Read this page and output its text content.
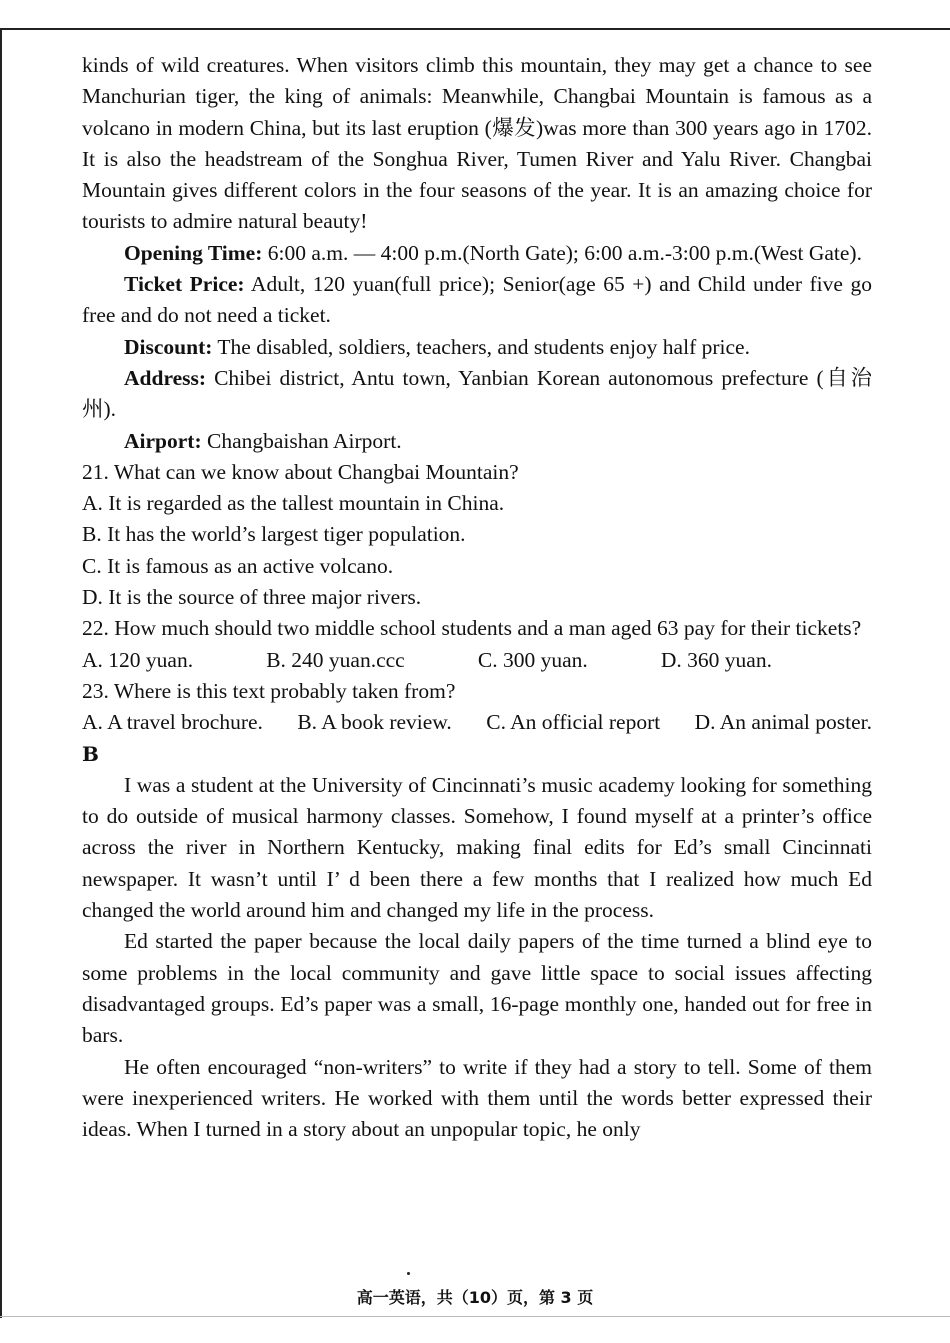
kinds of wild creatures. When visitors climb this mountain, they may get a chance to see Manchurian tiger, the king of animals: Meanwhile, Changbai Mountain is famous as a volcano in modern China, but its last eruption (爆发)was more than 300 years ago in 1702. It is also the headstream of the Songhua River, Tumen River and Yalu River. Changbai Mountain gives different colors in the four seasons of the year. It is an amazing choice for tourists to admire natural beauty!

Opening Time: 6:00 a.m. — 4:00 p.m.(North Gate); 6:00 a.m.-3:00 p.m.(West Gate).

Ticket Price: Adult, 120 yuan(full price); Senior(age 65 +) and Child under five go free and do not need a ticket.

Discount: The disabled, soldiers, teachers, and students enjoy half price.

Address: Chibei district, Antu town, Yanbian Korean autonomous prefecture (自治州).

Airport: Changbaishan Airport.

21. What can we know about Changbai Mountain?

A. It is regarded as the tallest mountain in China.

B. It has the world’s largest tiger population.

C. It is famous as an active volcano.

D. It is the source of three major rivers.

22. How much should two middle school students and a man aged 63 pay for their tickets?

A. 120 yuan.	B. 240 yuan.ccc	C. 300 yuan.	D. 360 yuan.

23. Where is this text probably taken from?

A. A travel brochure. B. A book review. C. An official report D. An animal poster.

B

I was a student at the University of Cincinnati’s music academy looking for something to do outside of musical harmony classes. Somehow, I found myself at a printer’s office across the river in Northern Kentucky, making final edits for Ed’s small Cincinnati newspaper. It wasn’t until I’ d been there a few months that I realized how much Ed changed the world around him and changed my life in the process.

Ed started the paper because the local daily papers of the time turned a blind eye to some problems in the local community and gave little space to social issues affecting disadvantaged groups. Ed’s paper was a small, 16-page monthly one, handed out for free in bars.

He often encouraged “non-writers” to write if they had a story to tell. Some of them were inexperienced writers. He worked with them until the words better expressed their ideas. When I turned in a story about an unpopular topic, he only

高一英语，共（10）页，第 3 页
